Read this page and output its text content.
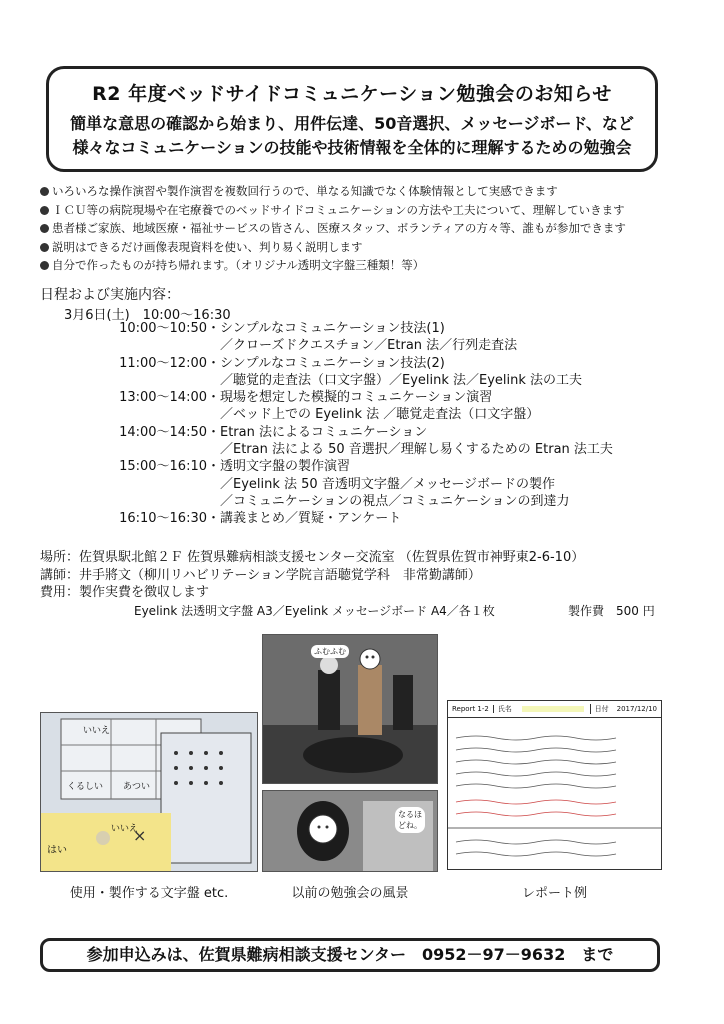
R2 年度ベッドサイドコミュニケーション勉強会のお知らせ
簡単な意思の確認から始まり、用件伝達、50音選択、メッセージボード、など
様々なコミュニケーションの技能や技術情報を全体的に理解するための勉強会
いろいろな操作演習や製作演習を複数回行うので、単なる知識でなく体験情報として実感できます
ＩＣＵ等の病院現場や在宅療養でのベッドサイドコミュニケーションの方法や工夫について、理解していきます
患者様ご家族、地域医療・福祉サービスの皆さん、医療スタッフ、ボランティアの方々等、誰もが参加できます
説明はできるだけ画像表現資料を使い、判り易く説明します
自分で作ったものが持ち帰れます。（オリジナル透明文字盤三種類！等）
日程および実施内容：
3月6日(土)　10:00～16:30
10:00～10:50・シンプルなコミュニケーション技法(1)
／クローズドクエスチョン／Etran 法／行列走査法
11:00～12:00・シンプルなコミュニケーション技法(2)
／聴覚的走査法（口文字盤）／Eyelink 法／Eyelink 法の工夫
13:00～14:00・現場を想定した模擬的コミュニケーション演習
／ベッド上での Eyelink 法 ／聴覚走査法（口文字盤）
14:00～14:50・Etran 法によるコミュニケーション
／Etran 法による 50 音選択／理解し易くするための Etran 法工夫
15:00～16:10・透明文字盤の製作演習
／Eyelink 法 50 音透明文字盤／メッセージボードの製作
／コミュニケーションの視点／コミュニケーションの到達力
16:10～16:30・講義まとめ／質疑・アンケート
場所：佐賀県駅北館２Ｆ 佐賀県難病相談支援センター交流室 （佐賀県佐賀市神野東2-6-10）
講師：井手將文（柳川リハビリテーション学院言語聴覚学科　非常勤講師）
費用：製作実費を徴収します
Eyelink 法透明文字盤 A3／Eyelink メッセージボード A4／各１枚	製作費　500 円
×
いいえ
くるしい あつい
はい
いいえ
ふむふむ
なるほ
どね。
Report 1-2	氏名	日付	2017/12/10
使用・製作する文字盤 etc.	以前の勉強会の風景	レポート例
参加申込みは、佐賀県難病相談支援センター　0952－97－9632　まで
